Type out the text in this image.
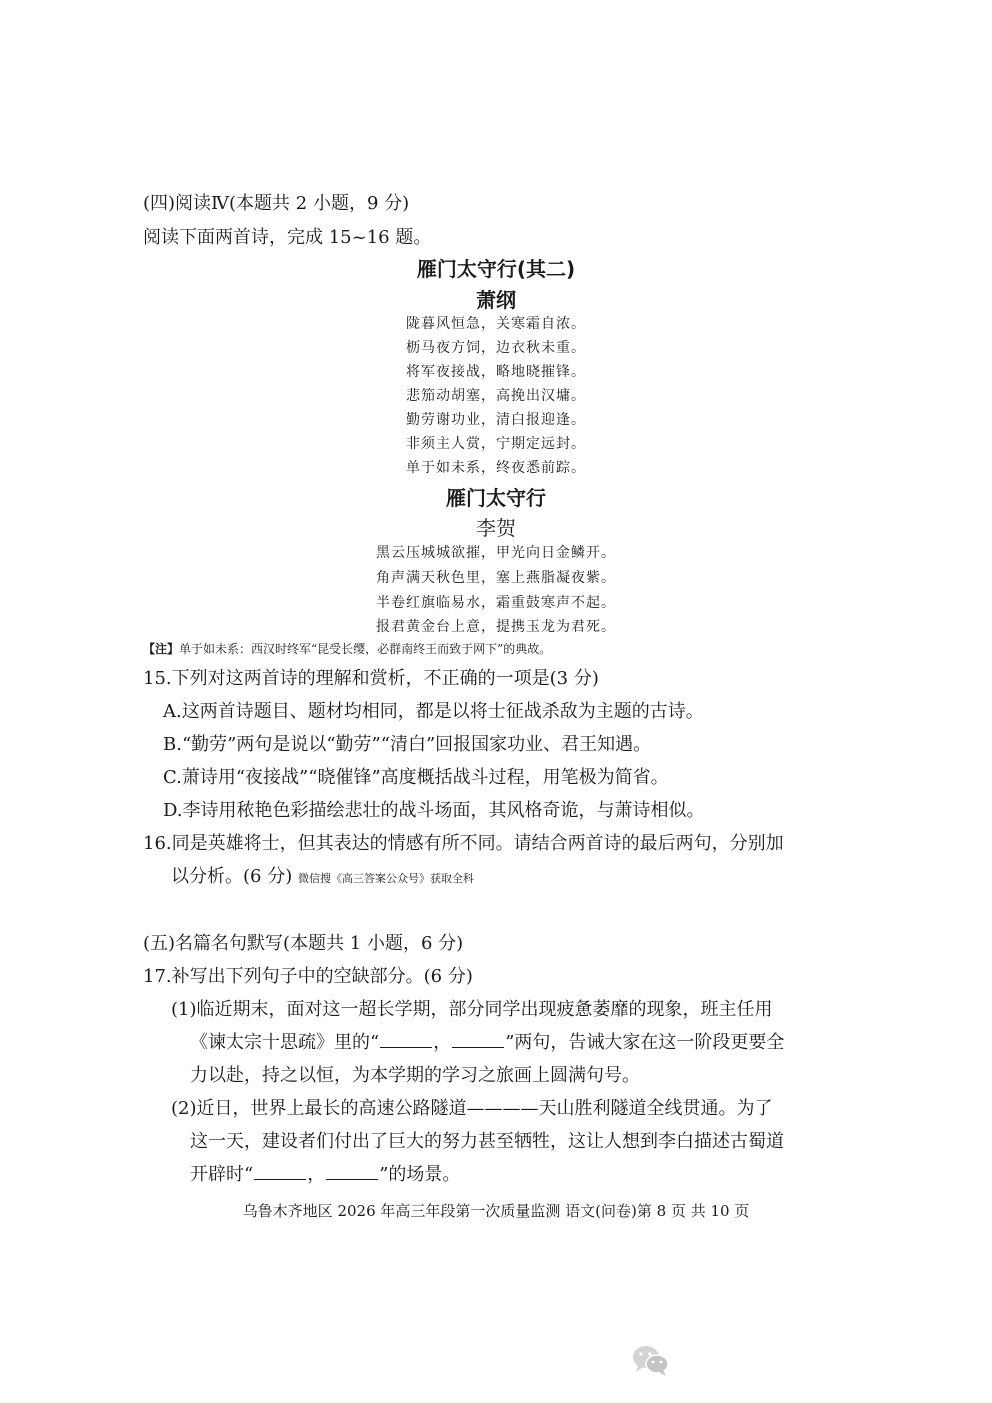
(四)阅读Ⅳ(本题共 2 小题，9 分)
阅读下面两首诗，完成 15~16 题。
雁门太守行(其二)
萧纲
陇暮风恒急，关寒霜自浓。
枥马夜方饲，边衣秋未重。
将军夜接战，略地晓摧锋。
悲笳动胡塞，高挽出汉墉。
勤劳谢功业，清白报迎逢。
非须主人赏，宁期定远封。
单于如未系，终夜悉前踪。
雁门太守行
李贺
黑云压城城欲摧，甲光向日金鳞开。
角声满天秋色里，塞上燕脂凝夜紫。
半卷红旗临易水，霜重鼓寒声不起。
报君黄金台上意，提携玉龙为君死。
【注】单于如未系：西汉时终军“昆受长缨，必群南终王而致于网下”的典故。
15.下列对这两首诗的理解和赏析，不正确的一项是(3 分)
A.这两首诗题目、题材均相同，都是以将士征战杀敌为主题的古诗。
B.“勤劳”两句是说以“勤劳”“清白”回报国家功业、君王知遇。
C.萧诗用“夜接战”“晓催锋”高度概括战斗过程，用笔极为简省。
D.李诗用秾艳色彩描绘悲壮的战斗场面，其风格奇诡，与萧诗相似。
16.同是英雄将士，但其表达的情感有所不同。请结合两首诗的最后两句，分别加
以分析。(6 分) 微信搜《高三答案公众号》获取全科
(五)名篇名句默写(本题共 1 小题，6 分)
17.补写出下列句子中的空缺部分。(6 分)
(1)临近期末，面对这一超长学期，部分同学出现疲惫萎靡的现象，班主任用
《谏太宗十思疏》里的“	，	”两句，告诫大家在这一阶段更要全
力以赴，持之以恒，为本学期的学习之旅画上圆满句号。
(2)近日，世界上最长的高速公路隧道————天山胜利隧道全线贯通。为了
这一天，建设者们付出了巨大的努力甚至牺牲，这让人想到李白描述古蜀道
开辟时“	，	”的场景。
乌鲁木齐地区 2026 年高三年段第一次质量监测 语文(问卷)第 8 页 共 10 页
